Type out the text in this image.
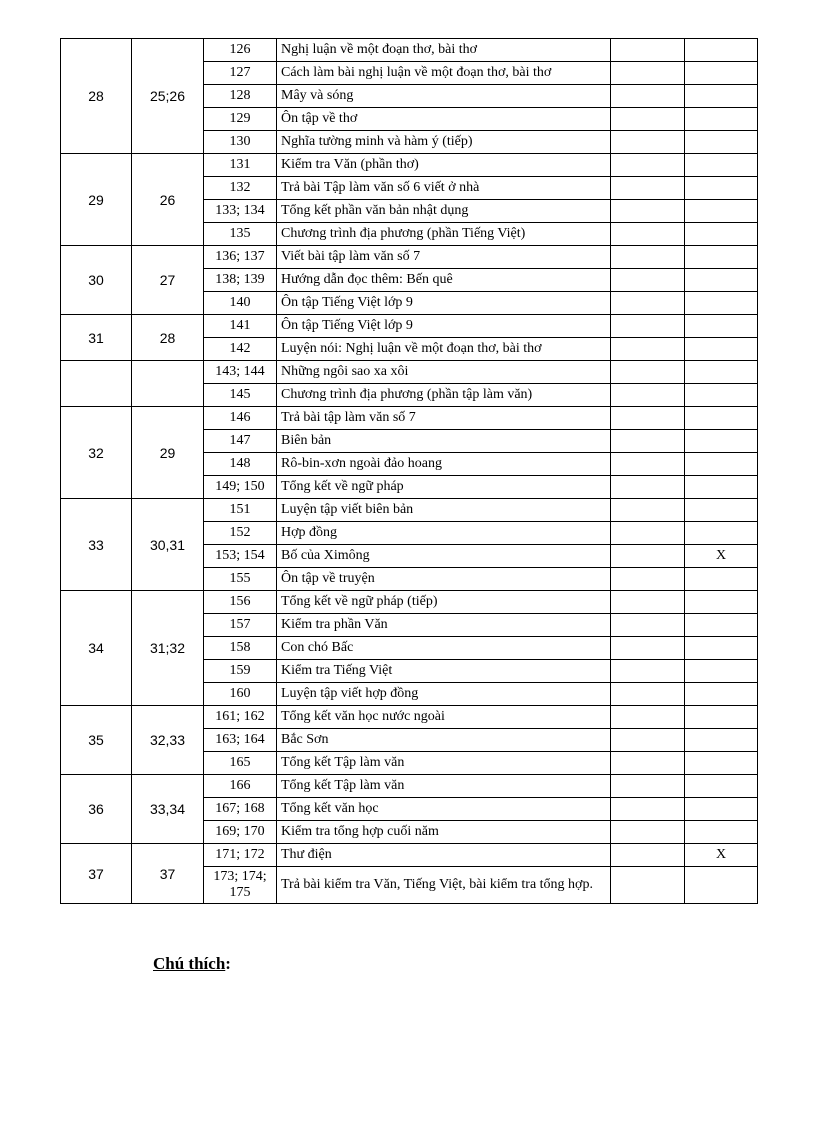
28	25;26	126	Nghị luận về một đoạn thơ, bài thơ		
		127	Cách làm bài nghị luận về một đoạn thơ, bài thơ		
		128	Mây và sóng		
		129	Ôn tập về thơ		
		130	Nghĩa tường minh và hàm ý (tiếp)		
29	26	131	Kiểm tra Văn (phần thơ)		
		132	Trả bài Tập làm văn số 6 viết ở nhà		
		133; 134	Tổng kết phần văn bản nhật dụng		
		135	Chương trình địa phương (phần Tiếng Việt)		
30	27	136; 137	Viết bài tập làm văn số 7		
		138; 139	Hướng dẫn đọc thêm: Bến quê		
		140	Ôn tập Tiếng Việt lớp 9		
31	28	141	Ôn tập Tiếng Việt lớp 9		
		142	Luyện nói: Nghị luận về một đoạn thơ, bài thơ		
		143; 144	Những ngôi sao xa xôi		
		145	Chương trình địa phương (phần tập làm văn)		
32	29	146	Trả bài tập làm văn số 7		
		147	Biên bản		
		148	Rô-bin-xơn ngoài đảo hoang		
		149; 150	Tổng kết về ngữ pháp		
33	30,31	151	Luyện tập viết biên bản		
		152	Hợp đồng		
		153; 154	Bố của Ximông		X
		155	Ôn tập về truyện		
34	31;32	156	Tổng kết về ngữ pháp (tiếp)		
		157	Kiểm tra phần Văn		
		158	Con chó Bấc		
		159	Kiểm tra Tiếng Việt		
		160	Luyện tập viết hợp đồng		
35	32,33	161; 162	Tổng kết văn học nước ngoài		
		163; 164	Bắc Sơn		
		165	Tổng kết Tập làm văn		
36	33,34	166	Tổng kết Tập làm văn		
		167; 168	Tổng kết văn học		
		169; 170	Kiểm tra tổng hợp cuối năm		
37	37	171; 172	Thư điện		X
		173; 174; 175	Trả bài kiểm tra Văn, Tiếng Việt, bài kiểm tra tổng hợp.		
Chú thích:
